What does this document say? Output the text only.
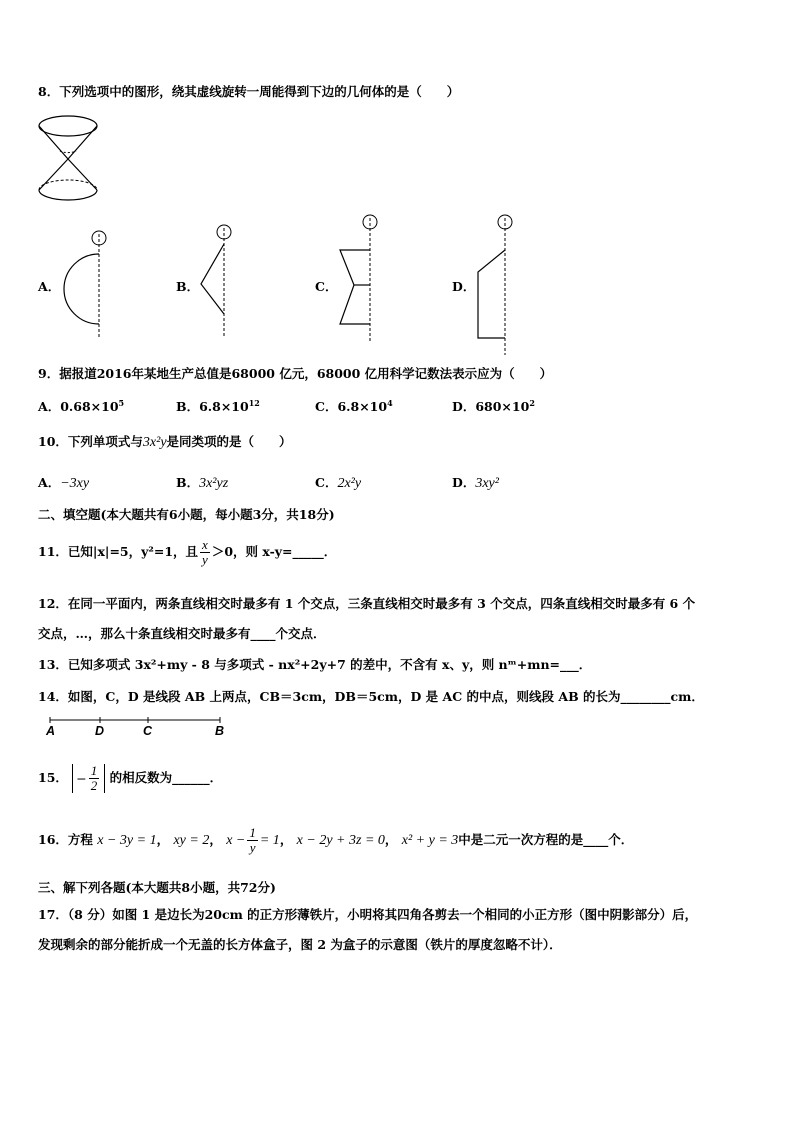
8．下列选项中的图形，绕其虚线旋转一周能得到下边的几何体的是（　　）
A．	B．	C．	D．
9．据报道2016年某地生产总值是68000 亿元，68000 亿用科学记数法表示应为（　　）
A．$0.68\times 10^5$	B．$6.8\times 10^{12}$	C．$6.8\times 10^4$	D．$680\times 10^2$
10．下列单项式与3x²y是同类项的是（　　）
A．−3xy	B．3x²yz	C．2x²y	D．3xy²
二、填空题(本大题共有6小题，每小题3分，共18分)
11．已知|x|=5，y²=1，且 $\frac{x}{y} >0$，则 x-y=_____．
12．在同一平面内，两条直线相交时最多有 1 个交点，三条直线相交时最多有 3 个交点，四条直线相交时最多有 6 个
交点，…，那么十条直线相交时最多有____个交点．
13．已知多项式 3x²+my - 8 与多项式 - nx²+2y+7 的差中，不含有 x、y，则 nᵐ+mn=___．
14．如图，C，D 是线段 AB 上两点，CB＝3cm，DB＝5cm，D 是 AC 的中点，则线段 AB 的长为________cm．
A	D	C	B
15． − $\frac{1}{2}$ 的相反数为______．
16．方程 x − 3y = 1， xy = 2， $x - \frac{1}{y} = 1$， x − 2y + 3z = 0， x² + y = 3中是二元一次方程的是____个．
三、解下列各题(本大题共8小题，共72分)
17．（8 分）如图 1 是边长为20cm 的正方形薄铁片，小明将其四角各剪去一个相同的小正方形（图中阴影部分）后，
发现剩余的部分能折成一个无盖的长方体盒子，图 2 为盒子的示意图（铁片的厚度忽略不计）．
